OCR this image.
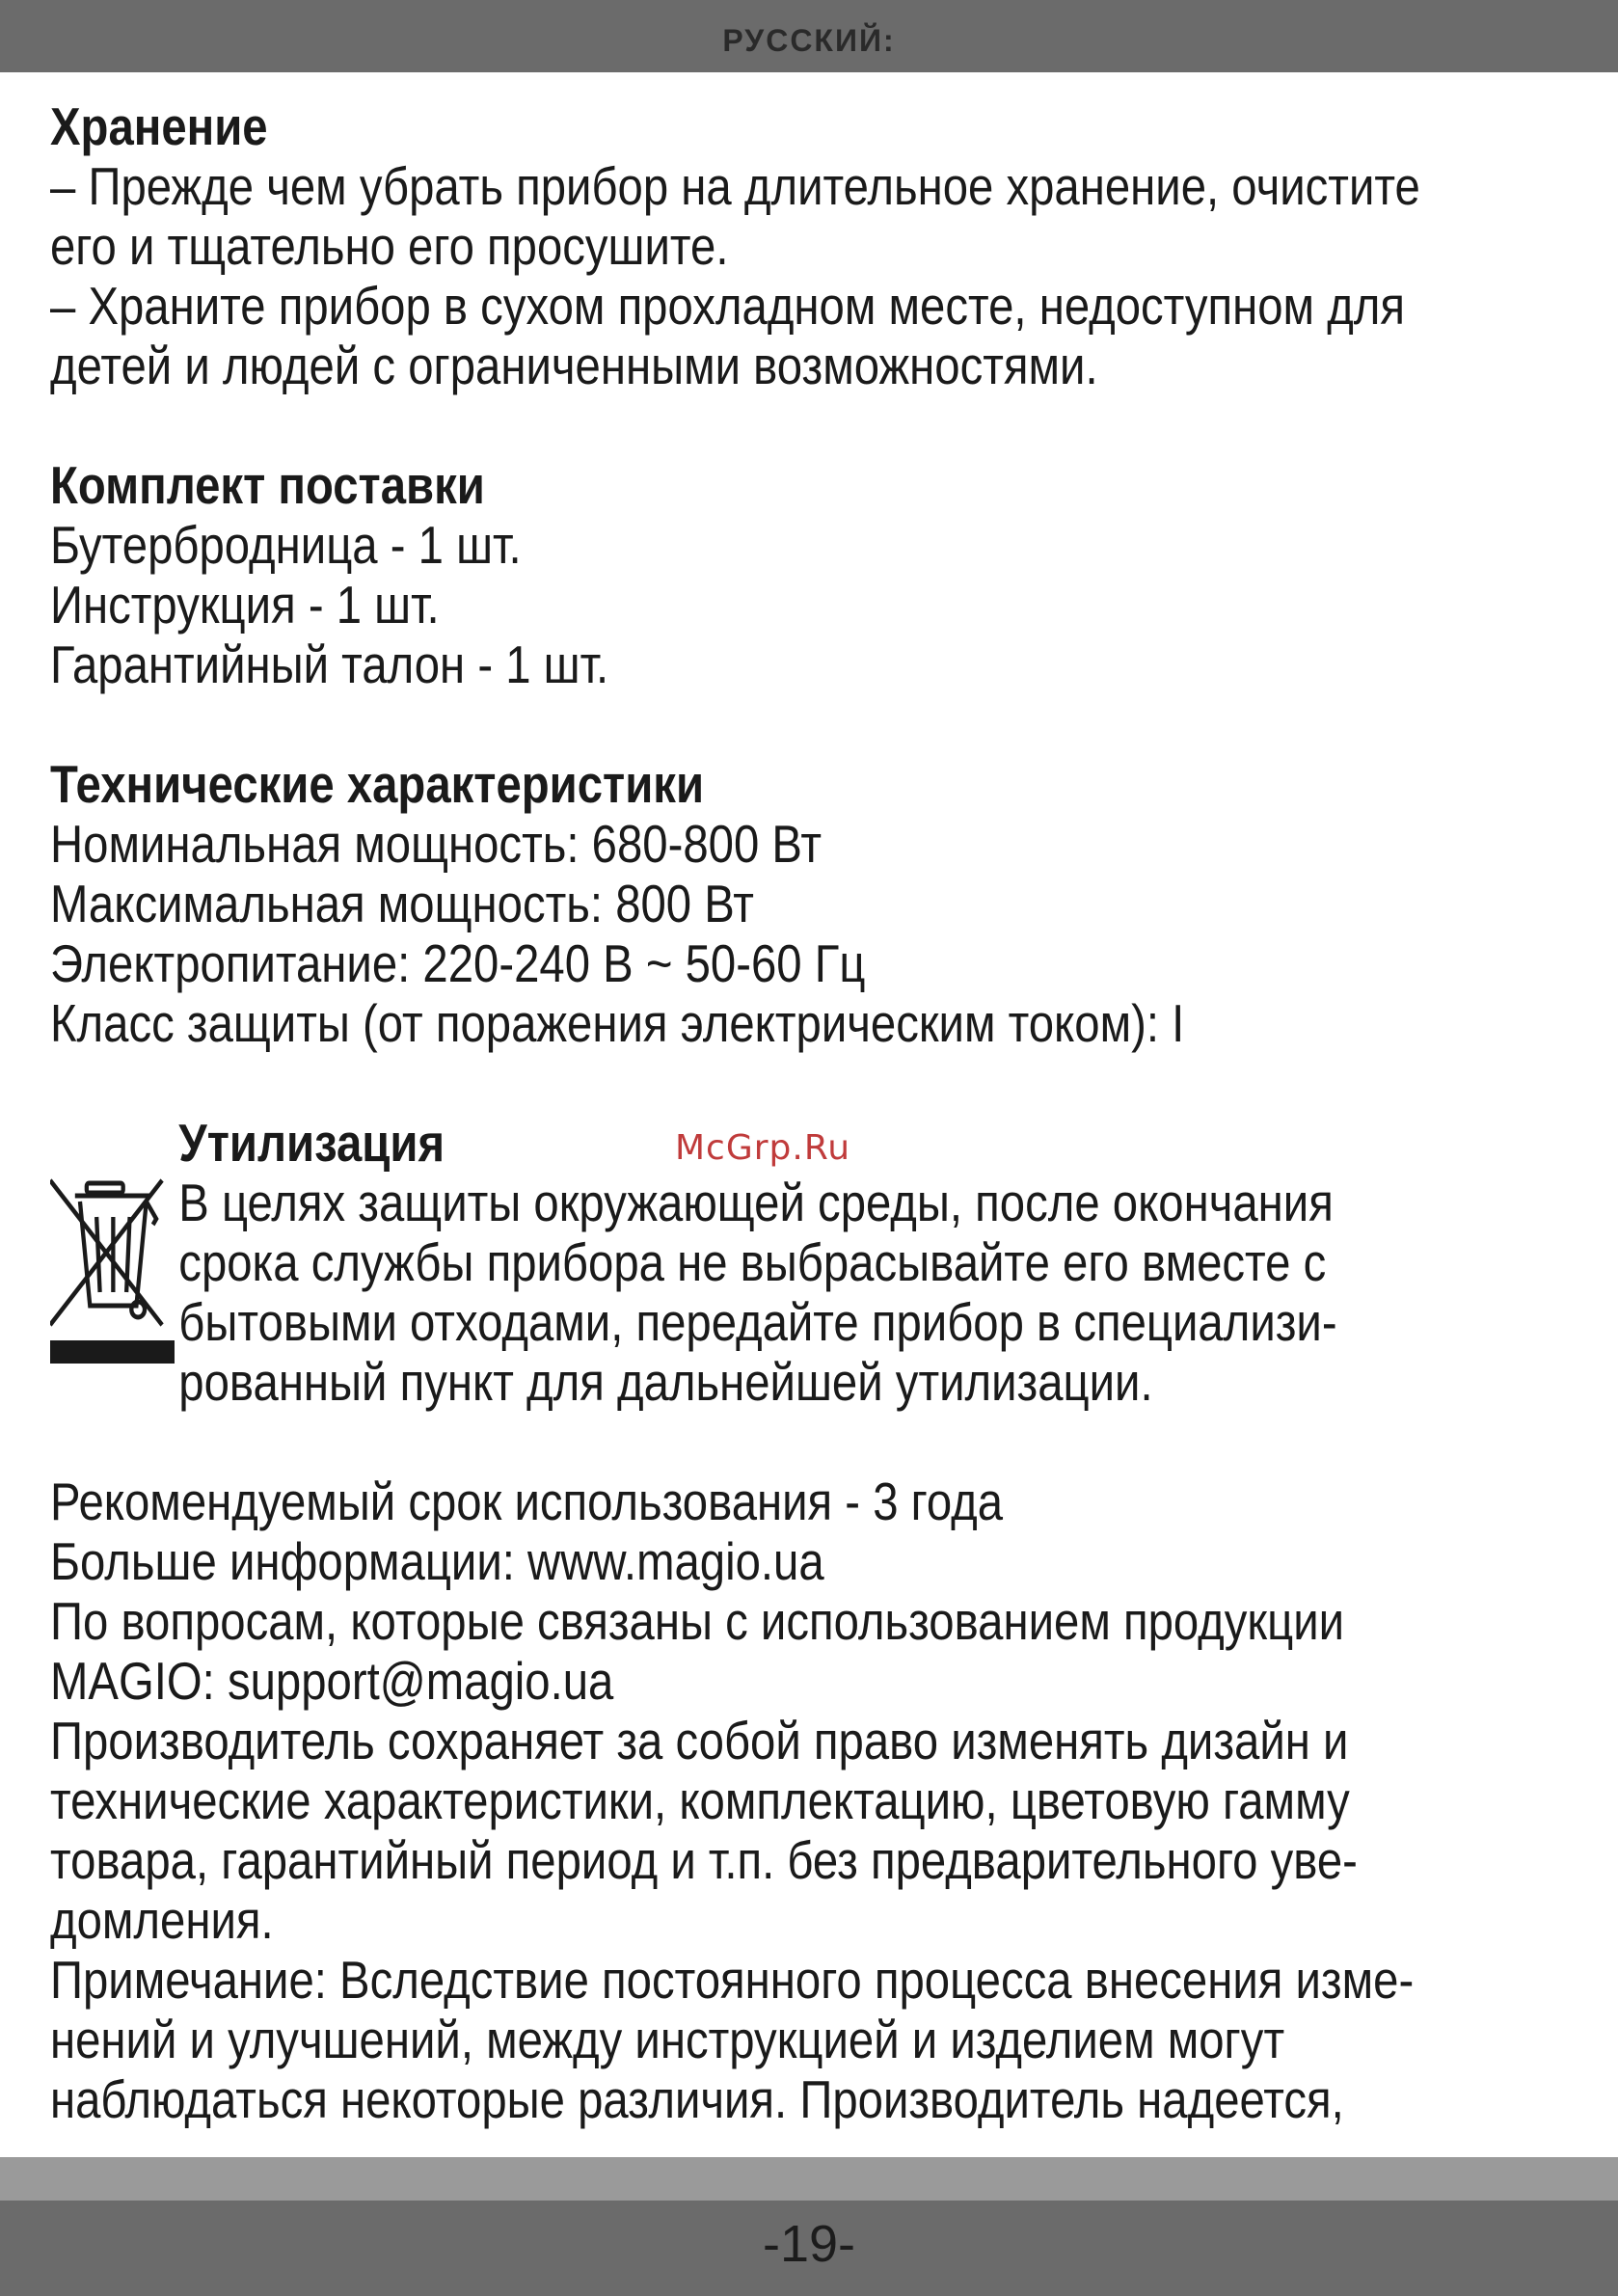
РУССКИЙ:
Хранение
– Прежде чем убрать прибор на длительное хранение, очистите
его и тщательно его просушите.
– Храните прибор в сухом прохладном месте, недоступном для
детей и людей с ограниченными возможностями.
Комплект поставки
Бутербродница - 1 шт.
Инструкция - 1 шт.
Гарантийный талон - 1 шт.
Технические характеристики
Номинальная мощность: 680-800 Вт
Максимальная мощность: 800 Вт
Электропитание: 220-240 В ~ 50-60 Гц
Класс защиты (от поражения электрическим током): I
Утилизация
В целях защиты окружающей среды, после окончания
срока службы прибора не выбрасывайте его вместе с
бытовыми отходами, передайте прибор в специализи-
рованный пункт для дальнейшей утилизации.
Рекомендуемый срок использования - 3 года
Больше информации: www.magio.ua
По вопросам, которые связаны с использованием продукции
MAGIO: support@magio.ua
Производитель сохраняет за собой право изменять дизайн и
технические характеристики, комплектацию, цветовую гамму
товара, гарантийный период и т.п. без предварительного уве-
домления.
Примечание: Вследствие постоянного процесса внесения изме-
нений и улучшений, между инструкцией и изделием могут
наблюдаться некоторые различия. Производитель надеется,
McGrp.Ru
-19-
